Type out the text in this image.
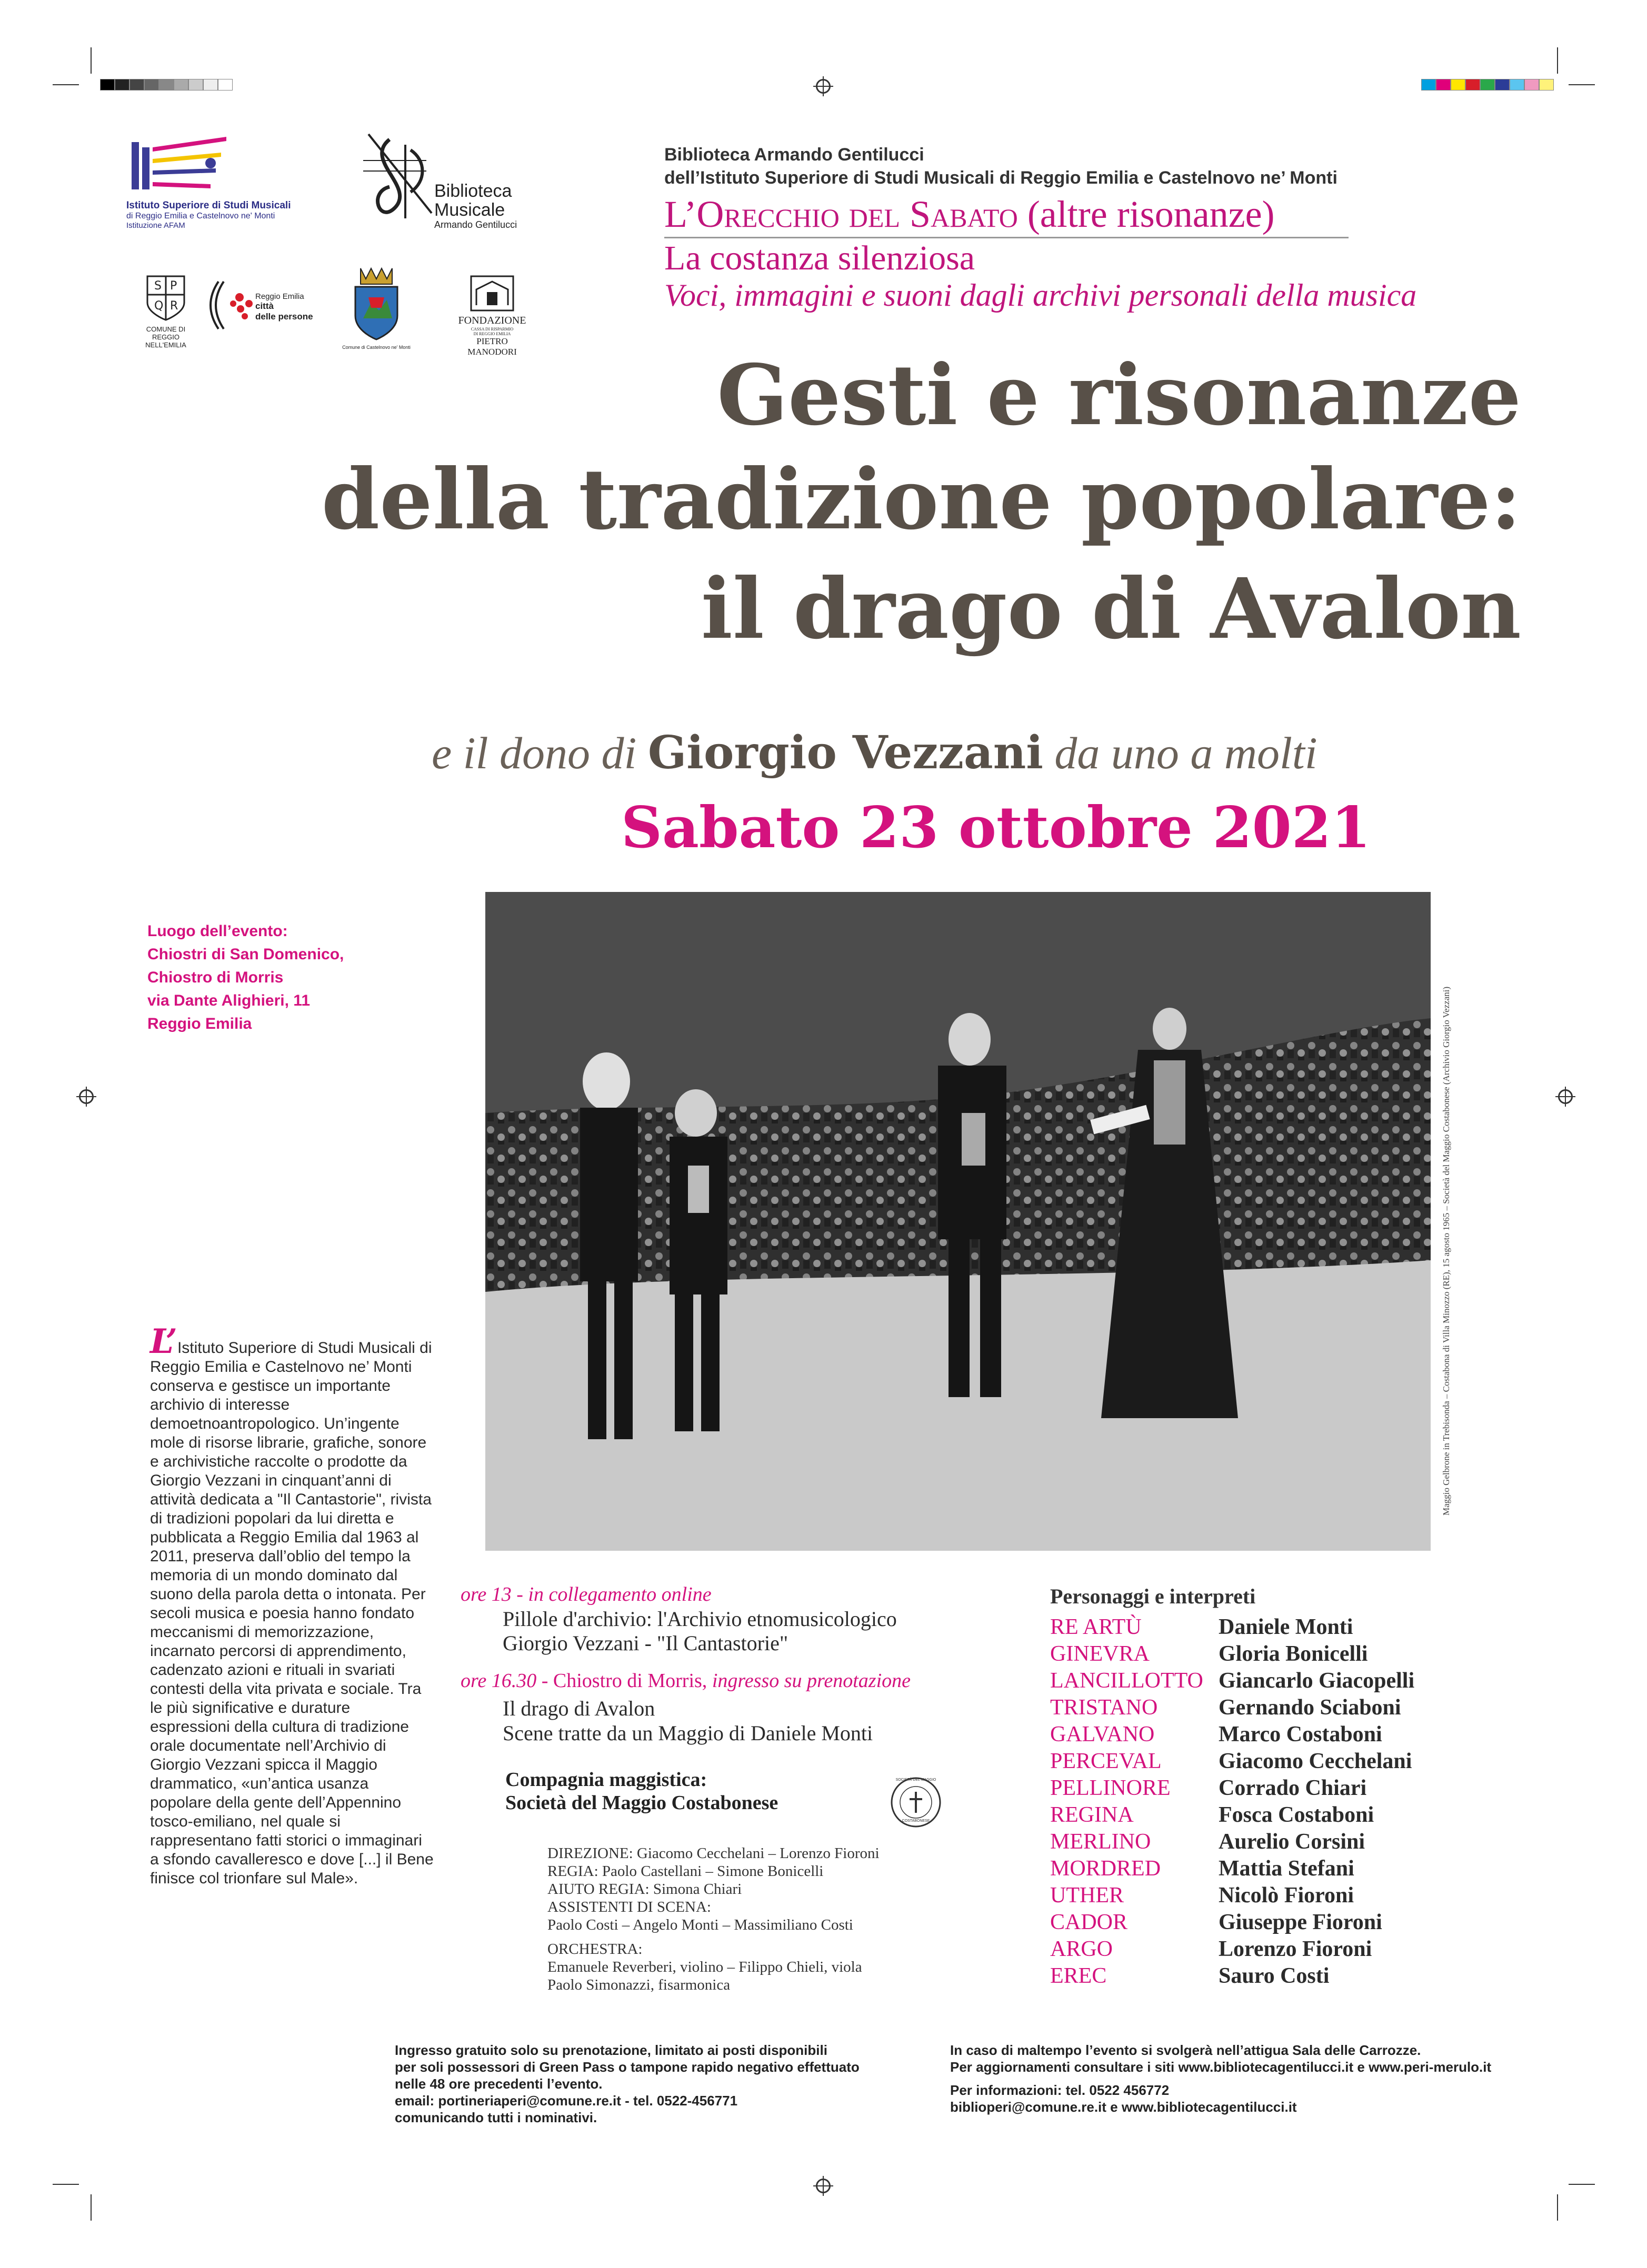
Istituto Superiore di Studi Musicali
di Reggio Emilia e Castelnovo ne' Monti
Istituzione AFAM
Biblioteca
Musicale
Armando Gentilucci
S P
Q R
COMUNE DI
REGGIO NELL'EMILIA
Reggio Emilia
città
delle persone
Comune di Castelnovo ne' Monti
FONDAZIONE
CASSA DI RISPARMIO
DI REGGIO EMILIA
PIETRO MANODORI
Biblioteca Armando Gentilucci
dell’Istituto Superiore di Studi Musicali di Reggio Emilia e Castelnovo ne’ Monti
L’Orecchio del Sabato (altre risonanze)
La costanza silenziosa
Voci, immagini e suoni dagli archivi personali della musica
Gesti e risonanze
della tradizione popolare:
il drago di Avalon
e il dono di Giorgio Vezzani da uno a molti
Sabato 23 ottobre 2021
Luogo dell’evento:
Chiostri di San Domenico,
Chiostro di Morris
via Dante Alighieri, 11
Reggio Emilia	Maggio Gelbrone in Trebisonda – Costabona di Villa Minozzo (RE), 15 agosto 1965 – Società del Maggio Costabonese (Archivio Giorgio Vezzani)
L’Istituto Superiore di Studi Musicali di Reggio Emilia e Castelnovo ne’ Monti conserva e gestisce un importante archivio di interesse demoetnoantropologico. Un’ingente mole di risorse librarie, grafiche, sonore e archivistiche raccolte o prodotte da Giorgio Vezzani in cinquant’anni di attività dedicata a "Il Cantastorie", rivista di tradizioni popolari da lui diretta e pubblicata a Reggio Emilia dal 1963 al 2011, preserva dall’oblio del tempo la memoria di un mondo dominato dal suono della parola detta o intonata. Per secoli musica e poesia hanno fondato meccanismi di memorizzazione, incarnato percorsi di apprendimento, cadenzato azioni e rituali in svariati contesti della vita privata e sociale. Tra le più significative e durature espressioni della cultura di tradizione orale documentate nell’Archivio di Giorgio Vezzani spicca il Maggio drammatico, «un’antica usanza popolare della gente dell’Appennino tosco-emiliano, nel quale si rappresentano fatti storici o immaginari a sfondo cavalleresco e dove [...] il Bene finisce col trionfare sul Male».
ore 13 - in collegamento online
Pillole d'archivio: l'Archivio etnomusicologico
Giorgio Vezzani - "Il Cantastorie"
ore 16.30 - Chiostro di Morris, ingresso su prenotazione
Il drago di Avalon
Scene tratte da un Maggio di Daniele Monti
Compagnia maggistica:
Società del Maggio Costabonese
SOCIETÀ DEL MAGGIO
COSTABONESE
DIREZIONE: Giacomo Cecchelani – Lorenzo Fioroni
REGIA: Paolo Castellani – Simone Bonicelli
AIUTO REGIA: Simona Chiari
ASSISTENTI DI SCENA:
Paolo Costi – Angelo Monti – Massimiliano Costi
ORCHESTRA:
Emanuele Reverberi, violino – Filippo Chieli, viola
Paolo Simonazzi, fisarmonica
Personaggi e interpreti
RE ARTÙ	Daniele Monti
GINEVRA	Gloria Bonicelli
LANCILLOTTO Giancarlo Giacopelli
TRISTANO	Gernando Sciaboni
GALVANO	Marco Costaboni
PERCEVAL	Giacomo Cecchelani
PELLINORE	Corrado Chiari
REGINA	Fosca Costaboni
MERLINO	Aurelio Corsini
MORDRED	Mattia Stefani
UTHER	Nicolò Fioroni
CADOR	Giuseppe Fioroni
ARGO	Lorenzo Fioroni
EREC	Sauro Costi
Ingresso gratuito solo su prenotazione, limitato ai posti disponibili
per soli possessori di Green Pass o tampone rapido negativo effettuato
nelle 48 ore precedenti l’evento.
email: portineriaperi@comune.re.it - tel. 0522-456771
comunicando tutti i nominativi.
In caso di maltempo l’evento si svolgerà nell’attigua Sala delle Carrozze.
Per aggiornamenti consultare i siti www.bibliotecagentilucci.it e www.peri-merulo.it
Per informazioni: tel. 0522 456772
biblioperi@comune.re.it e www.bibliotecagentilucci.it
